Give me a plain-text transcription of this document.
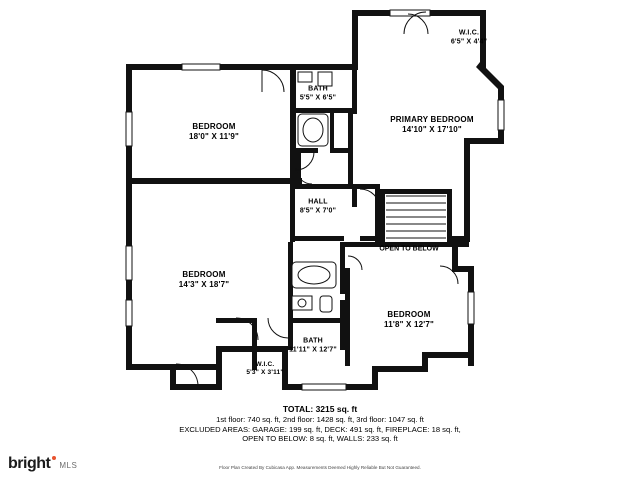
W.I.C.
6'5" X 4'4"
BATH
5'5" X 6'5"
PRIMARY BEDROOM
14'10" X 17'10"
BEDROOM
18'0" X 11'9"
HALL
8'5" X 7'0"
BEDROOM
14'3" X 18'7"
BEDROOM
11'8" X 12'7"
BATH
11'11" X 12'7"
W.I.C.
5'3" X 3'11"
OPEN TO BELOW
TOTAL: 3215 sq. ft
1st floor: 740 sq. ft, 2nd floor: 1428 sq. ft, 3rd floor: 1047 sq. ft
EXCLUDED AREAS: GARAGE: 199 sq. ft, DECK: 491 sq. ft, FIREPLACE: 18 sq. ft,
OPEN TO BELOW: 8 sq. ft, WALLS: 233 sq. ft
Floor Plan Created By Cubicasa App. Measurements Deemed Highly Reliable But Not Guaranteed.
bright MLS
